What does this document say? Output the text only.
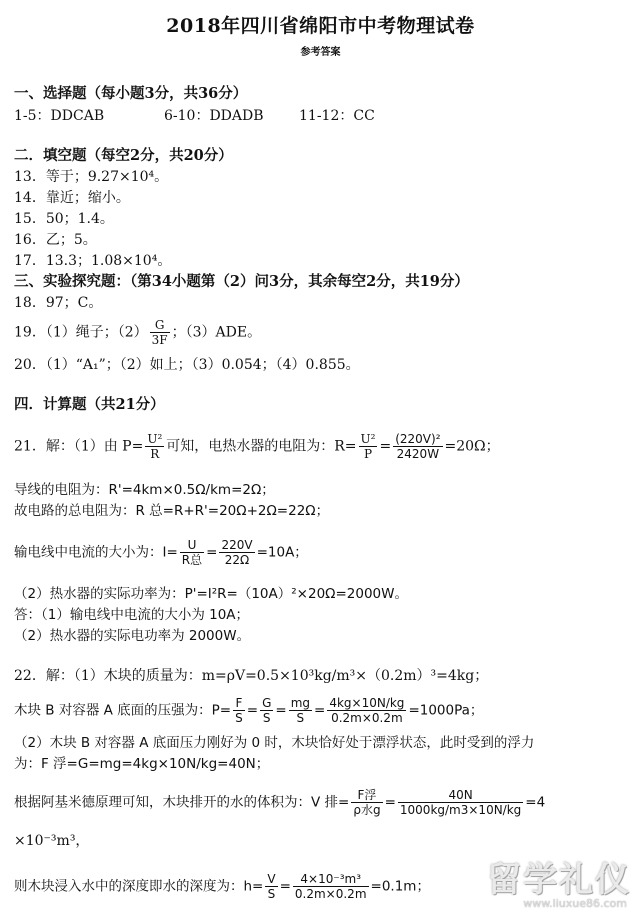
2018年四川省绵阳市中考物理试卷
参考答案
一、选择题（每小题3分，共36分）
1-5：DDCAB	6-10：DDADB	11-12：CC
二．填空题（每空2分，共20分）
13．等于；9.27×10⁴。
14．靠近；缩小。
15．50；1.4。
16．乙；5。
17．13.3；1.08×10⁴。
三、实验探究题：（第34小题第（2）问3分，其余每空2分，共19分）
18．97；C。
19．（1）绳子；$(2) \frac{G}{3F}$ ；（3）ADE。
20．（1）“A₁”；（2）如上；（3）0.054；（4）0.855。
四．计算题（共21分）
21．解：（1）由 $P= \frac{\text{U²}}{R}$ 可知，电热水器的电阻为：$R= \frac{\text{U²}}{P} = \frac{\text{(220V)²}}{2420W} =20\Omega$；
导线的电阻为：R'=4km×0.5Ω/km=2Ω；
故电路的总电阻为：R 总=R+R'=20Ω+2Ω=22Ω；
输电线中电流的大小为：$I= \frac{U}{\text{R总}} = \frac{220V}{22\Omega} =10A$；
（2）热水器的实际功率为：P'=I²R=（10A）²×20Ω=2000W。
答：（1）输电线中电流的大小为 10A；
（2）热水器的实际电功率为 2000W。
22．解：（1）木块的质量为：m=ρV=0.5×10³kg/m³×（0.2m）³=4kg；
木块 B 对容器 A 底面的压强为：$P= \frac{F}{S} = \frac{G}{S} = \frac{mg}{S} = \frac{4kg\times 10N/kg}{0.2m\times 0.2m} =1000Pa$；
（2）木块 B 对容器 A 底面压力刚好为 0 时，木块恰好处于漂浮状态，此时受到的浮力
为：F 浮=G=mg=4kg×10N/kg=40N；
根据阿基米德原理可知，木块排开的水的体积为：V 排= $\frac{\text{F浮}}{\text{ρ水g}} = \frac{40N}{1000kg/m3\times 10N/kg} =4$
×10⁻³m³，
则木块浸入水中的深度即水的深度为：$h= \frac{V}{S} = \frac{\text{4×10⁻³m³}}{0.2m\times 0.2m} =0.1m$； 留学礼仪
www.liuxue86.com
